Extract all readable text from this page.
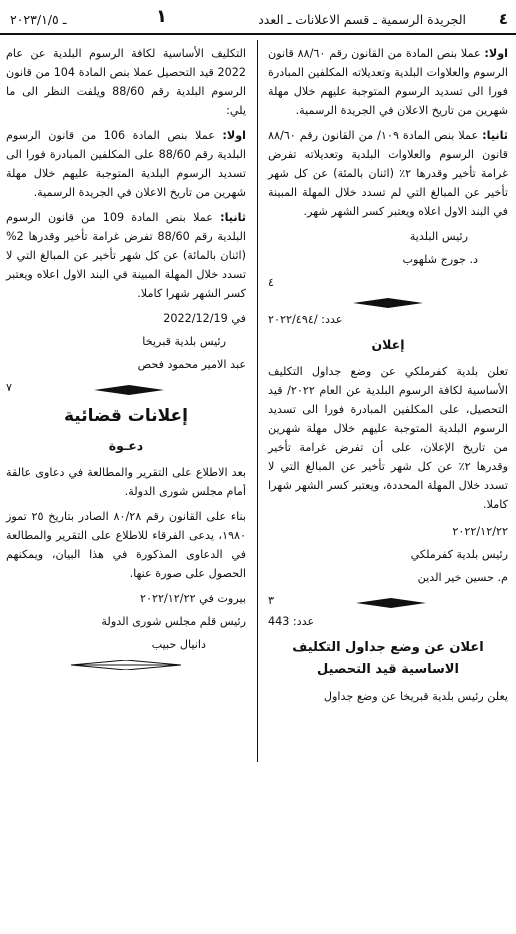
٤
الجريدة الرسمية ـ قسم الاعلانات ـ العدد
١
ـ ٢٠٢٣/١/٥

اولا: عملا بنص المادة من القانون رقم ٨٨/٦٠ قانون الرسوم والعلاوات البلدية وتعديلاته المكلفين المبادرة فورا الى تسديد الرسوم المتوجبة عليهم خلال مهلة شهرين من تاريخ الاعلان في الجريدة الرسمية.

ثانيا: عملا بنص المادة ١٠٩/ من القانون رقم ٨٨/٦٠ قانون الرسوم والعلاوات البلدية وتعديلاته تفرض غرامة تأخير وقدرها ٢٪ (اثنان بالمئة) عن كل شهر تأخير عن المبالغ التي لم تسدد خلال المهلة المبينة في البند الاول اعلاه ويعتبر كسر الشهر شهر.

رئيس البلدية
د. جورج شلهوب
٤
عدد: /٢٠٢٢/٤٩٤
إعلان

تعلن بلدية كفرملكي عن وضع جداول التكليف الأساسية لكافة الرسوم البلدية عن العام ٢٠٢٢/ قيد التحصيل، على المكلفين المبادرة فورا الى تسديد الرسوم البلدية المتوجبة عليهم خلال مهلة شهرين من تاريخ الإعلان، على أن تفرض غرامة تأخير وقدرها ٢٪ عن كل شهر تأخير عن المبالغ التي لا تسدد خلال المهلة المحددة، ويعتبر كسر الشهر شهرا كاملا.

٢٠٢٢/١٢/٢٢
رئيس بلدية كفرملكي
م. حسين خير الدين
٣
عدد: 443
اعلان عن وضع جداول التكليف الاساسية قيد التحصيل

يعلن رئيس بلدية قبريخا عن وضع جداول

التكليف الأساسية لكافة الرسوم البلدية عن عام 2022 قيد التحصيل عملا بنص المادة 104 من قانون الرسوم البلدية رقم 88/60 ويلفت النظر الى ما يلي:

اولا: عملا بنص المادة 106 من قانون الرسوم البلدية رقم 88/60 على المكلفين المبادرة فورا الى تسديد الرسوم البلدية المتوجبة عليهم خلال مهلة شهرين من تاريخ الاعلان في الجريدة الرسمية.

ثانيا: عملا بنص المادة 109 من قانون الرسوم البلدية رقم 88/60 تفرض غرامة تأخير وقدرها 2% (اثنان بالمائة) عن كل شهر تأخير عن المبالغ التي لا تسدد خلال المهلة المبينة في البند الاول اعلاه ويعتبر كسر الشهر شهرا كاملا.

في 2022/12/19
رئيس بلدية قبريخا
عبد الامير محمود فحص
٧
إعلانات قضائية
دعـوة

بعد الاطلاع على التقرير والمطالعة في دعاوى عالقة أمام مجلس شورى الدولة.

بناء على القانون رقم ٨٠/٢٨ الصادر بتاريخ ٢٥ تموز ١٩٨٠، يدعى الفرقاء للاطلاع على التقرير والمطالعة في الدعاوى المذكورة في هذا البيان، ويمكنهم الحصول على صورة عنها.

بيروت في ٢٠٢٢/١٢/٢٢
رئيس قلم مجلس شورى الدولة
دانيال حبيب
